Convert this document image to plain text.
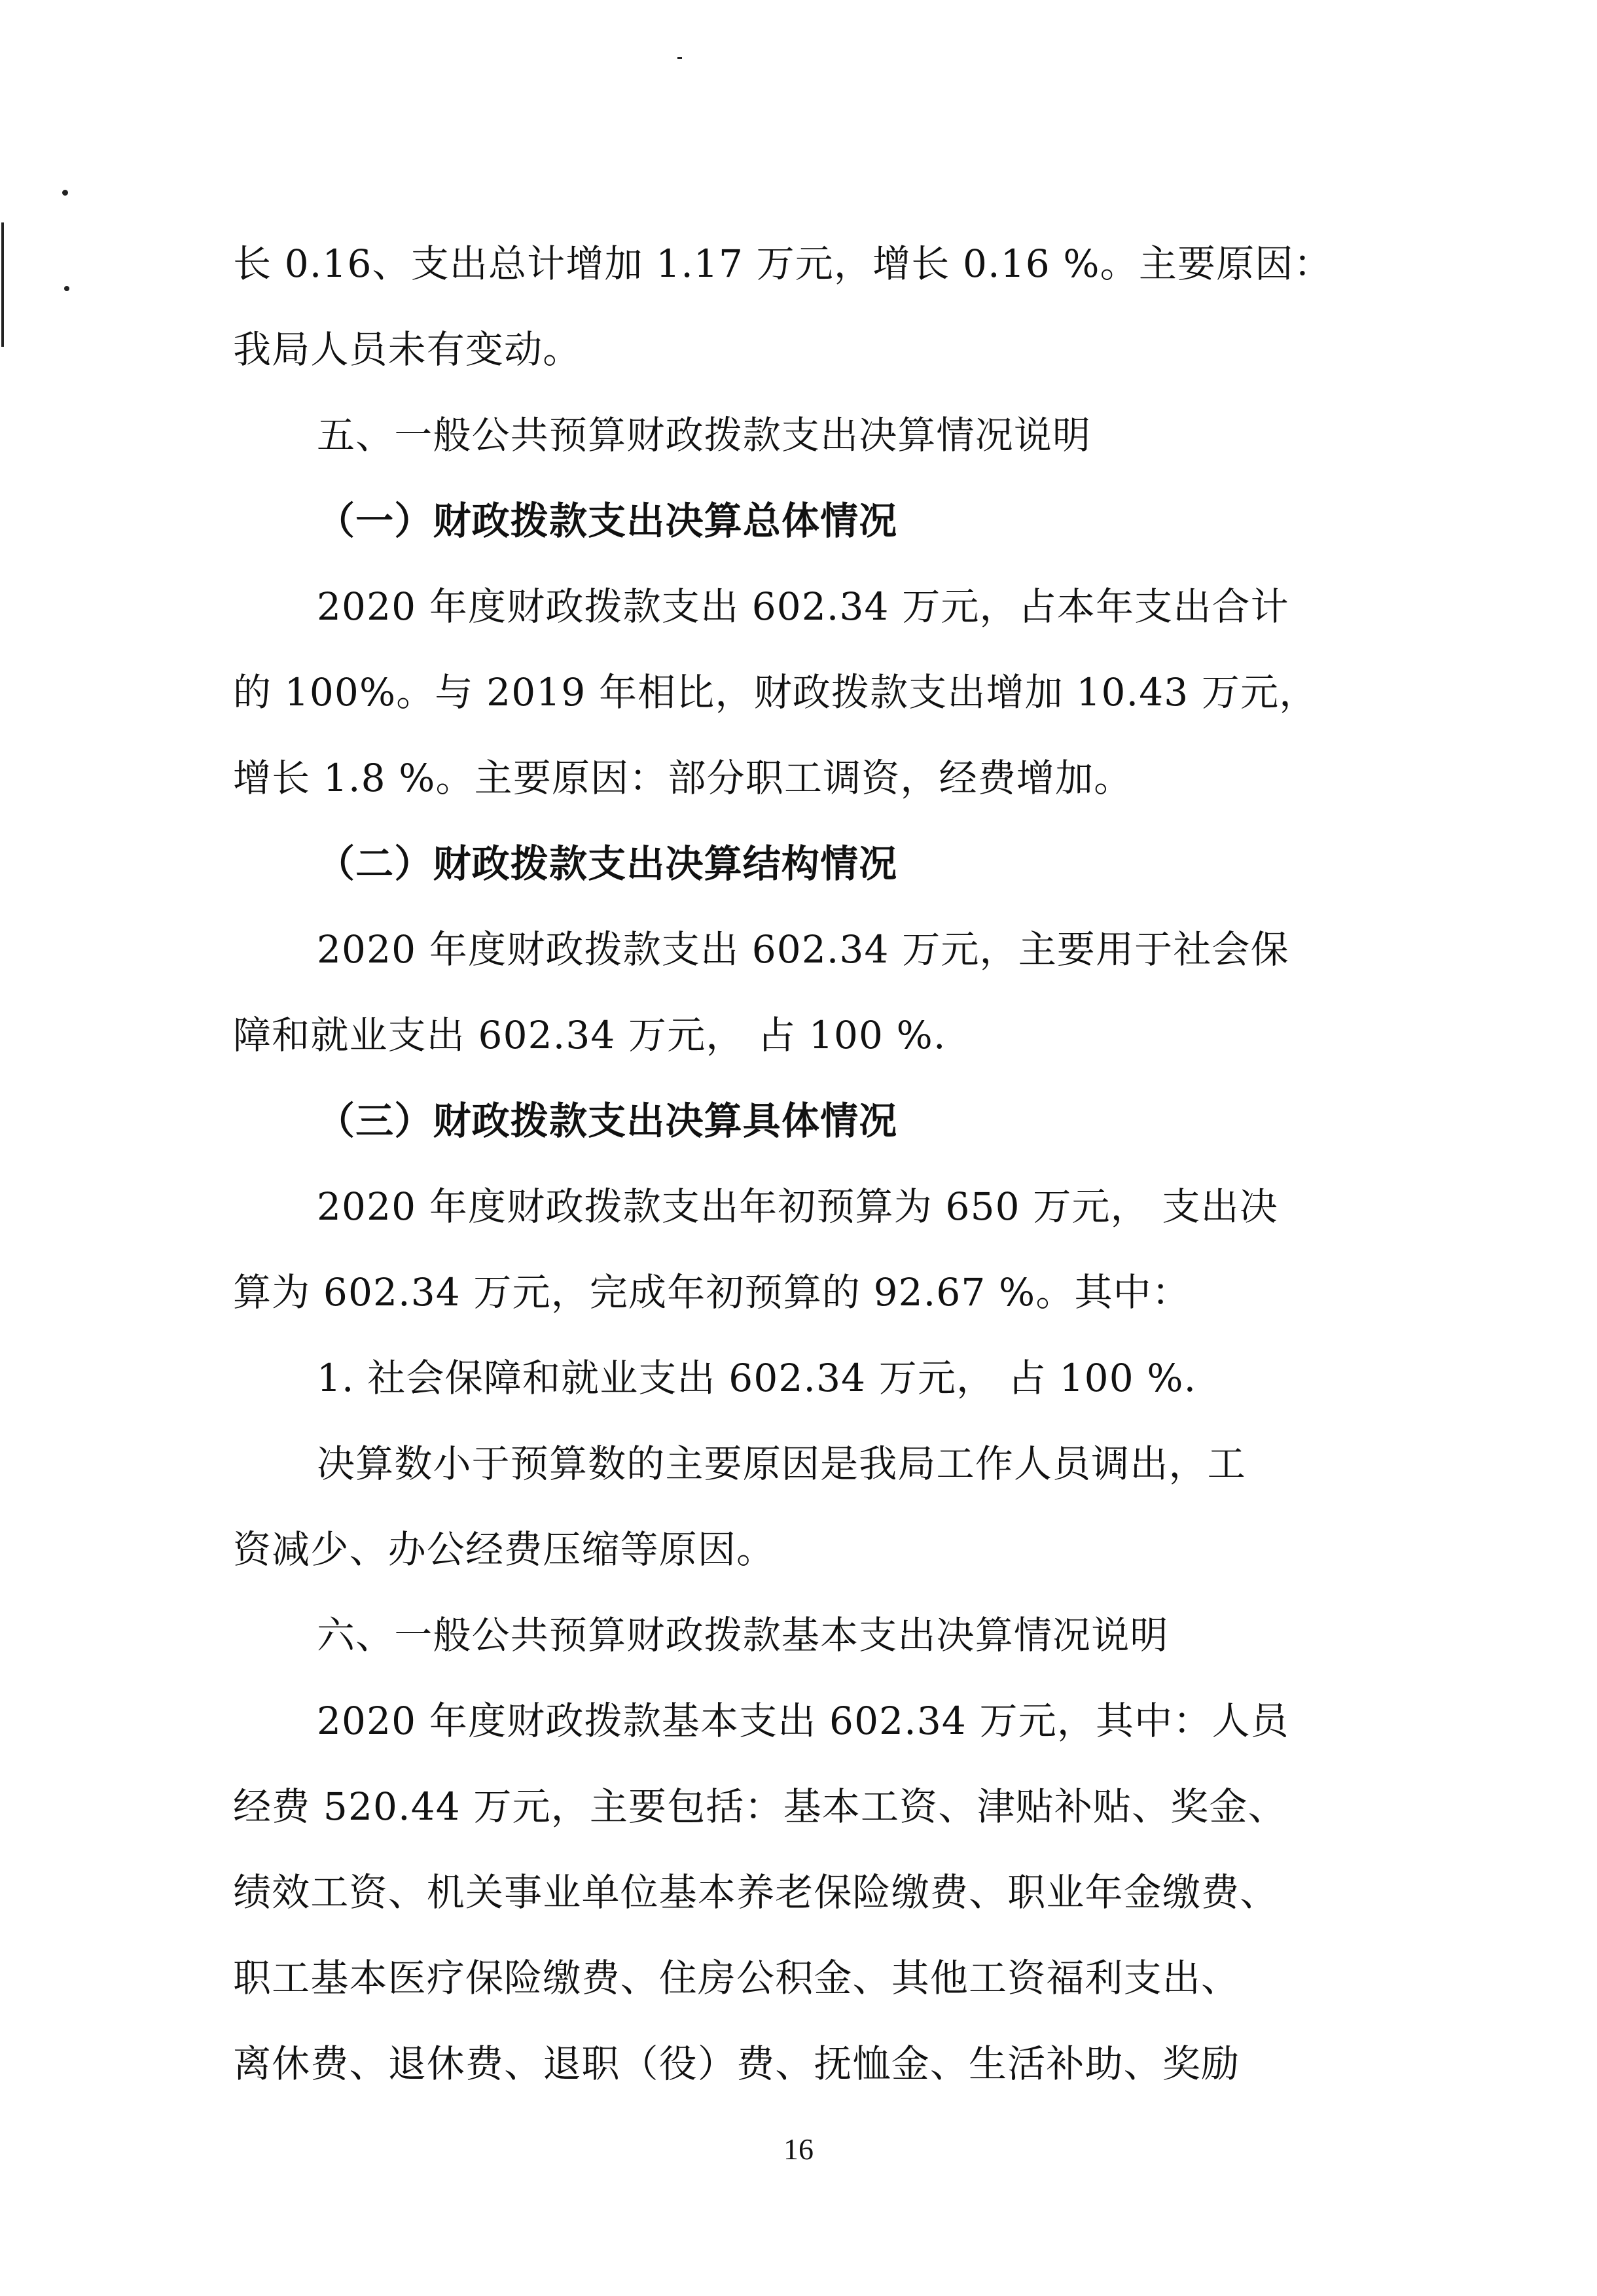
长 0.16、支出总计增加 1.17 万元，增长 0.16 %。主要原因：
我局人员未有变动。
五、一般公共预算财政拨款支出决算情况说明
（一）财政拨款支出决算总体情况
2020 年度财政拨款支出 602.34 万元，占本年支出合计
的 100%。与 2019 年相比，财政拨款支出增加 10.43 万元，
增长 1.8 %。主要原因：部分职工调资，经费增加。
（二）财政拨款支出决算结构情况
2020 年度财政拨款支出 602.34 万元，主要用于社会保
障和就业支出 602.34 万元， 占 100 %.
（三）财政拨款支出决算具体情况
2020 年度财政拨款支出年初预算为 650 万元， 支出决
算为 602.34 万元，完成年初预算的 92.67 %。其中：
1. 社会保障和就业支出 602.34 万元， 占 100 %.
决算数小于预算数的主要原因是我局工作人员调出，工
资减少、办公经费压缩等原因。
六、一般公共预算财政拨款基本支出决算情况说明
2020 年度财政拨款基本支出 602.34 万元，其中：人员
经费 520.44 万元，主要包括：基本工资、津贴补贴、奖金、
绩效工资、机关事业单位基本养老保险缴费、职业年金缴费、
职工基本医疗保险缴费、住房公积金、其他工资福利支出、
离休费、退休费、退职（役）费、抚恤金、生活补助、奖励
16
